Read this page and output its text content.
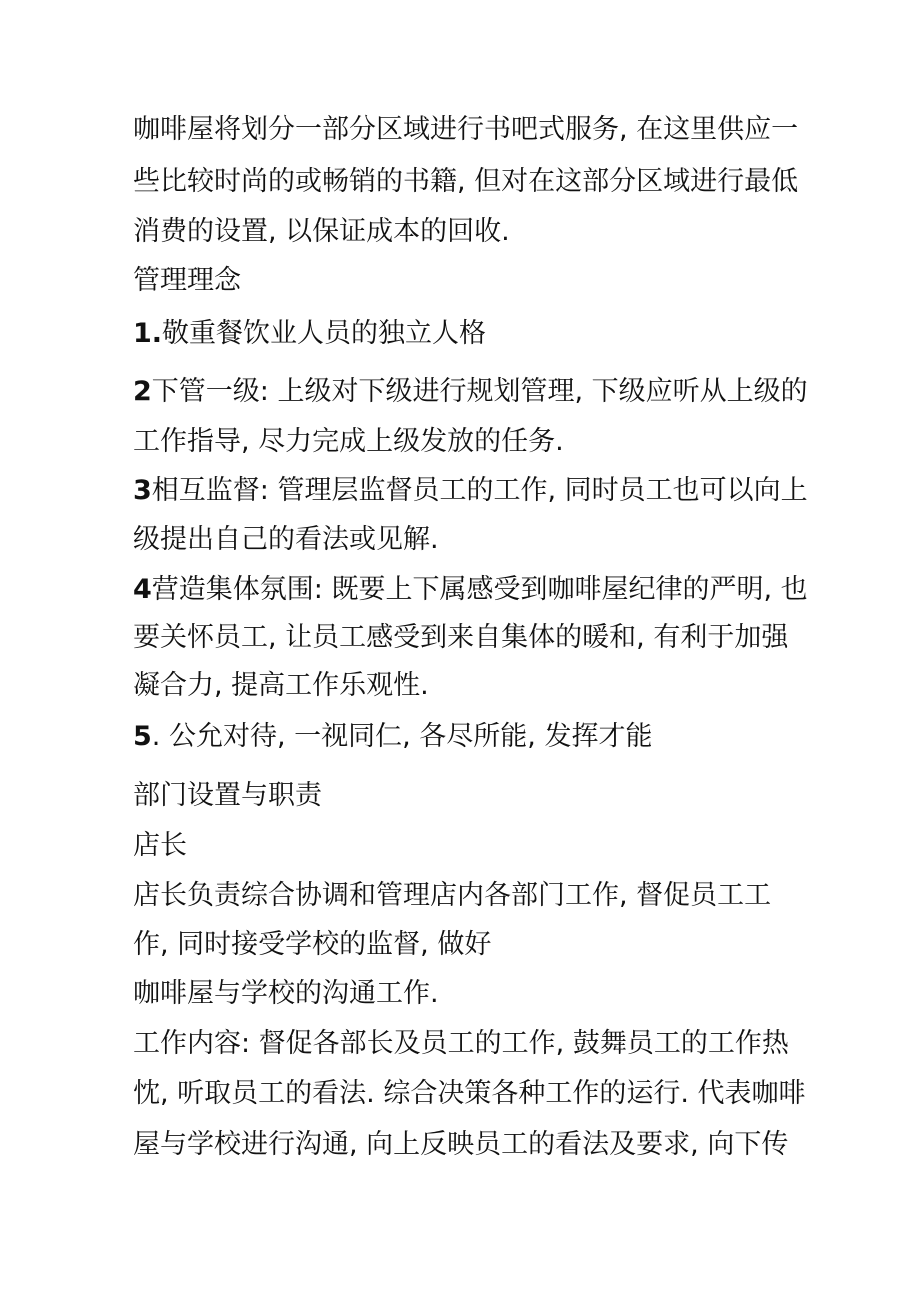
咖啡屋将划分一部分区域进行书吧式服务, 在这里供应一
些比较时尚的或畅销的书籍, 但对在这部分区域进行最低
消费的设置, 以保证成本的回收.
管理理念
1.敬重餐饮业人员的独立人格
2下管一级: 上级对下级进行规划管理, 下级应听从上级的
工作指导, 尽力完成上级发放的任务.
3相互监督: 管理层监督员工的工作, 同时员工也可以向上
级提出自己的看法或见解.
4营造集体氛围: 既要上下属感受到咖啡屋纪律的严明, 也
要关怀员工, 让员工感受到来自集体的暖和, 有利于加强
凝合力, 提高工作乐观性.
5. 公允对待, 一视同仁, 各尽所能, 发挥才能
部门设置与职责
店长
店长负责综合协调和管理店内各部门工作, 督促员工工
作, 同时接受学校的监督, 做好
咖啡屋与学校的沟通工作.
工作内容: 督促各部长及员工的工作, 鼓舞员工的工作热
忱, 听取员工的看法. 综合决策各种工作的运行. 代表咖啡
屋与学校进行沟通, 向上反映员工的看法及要求, 向下传
